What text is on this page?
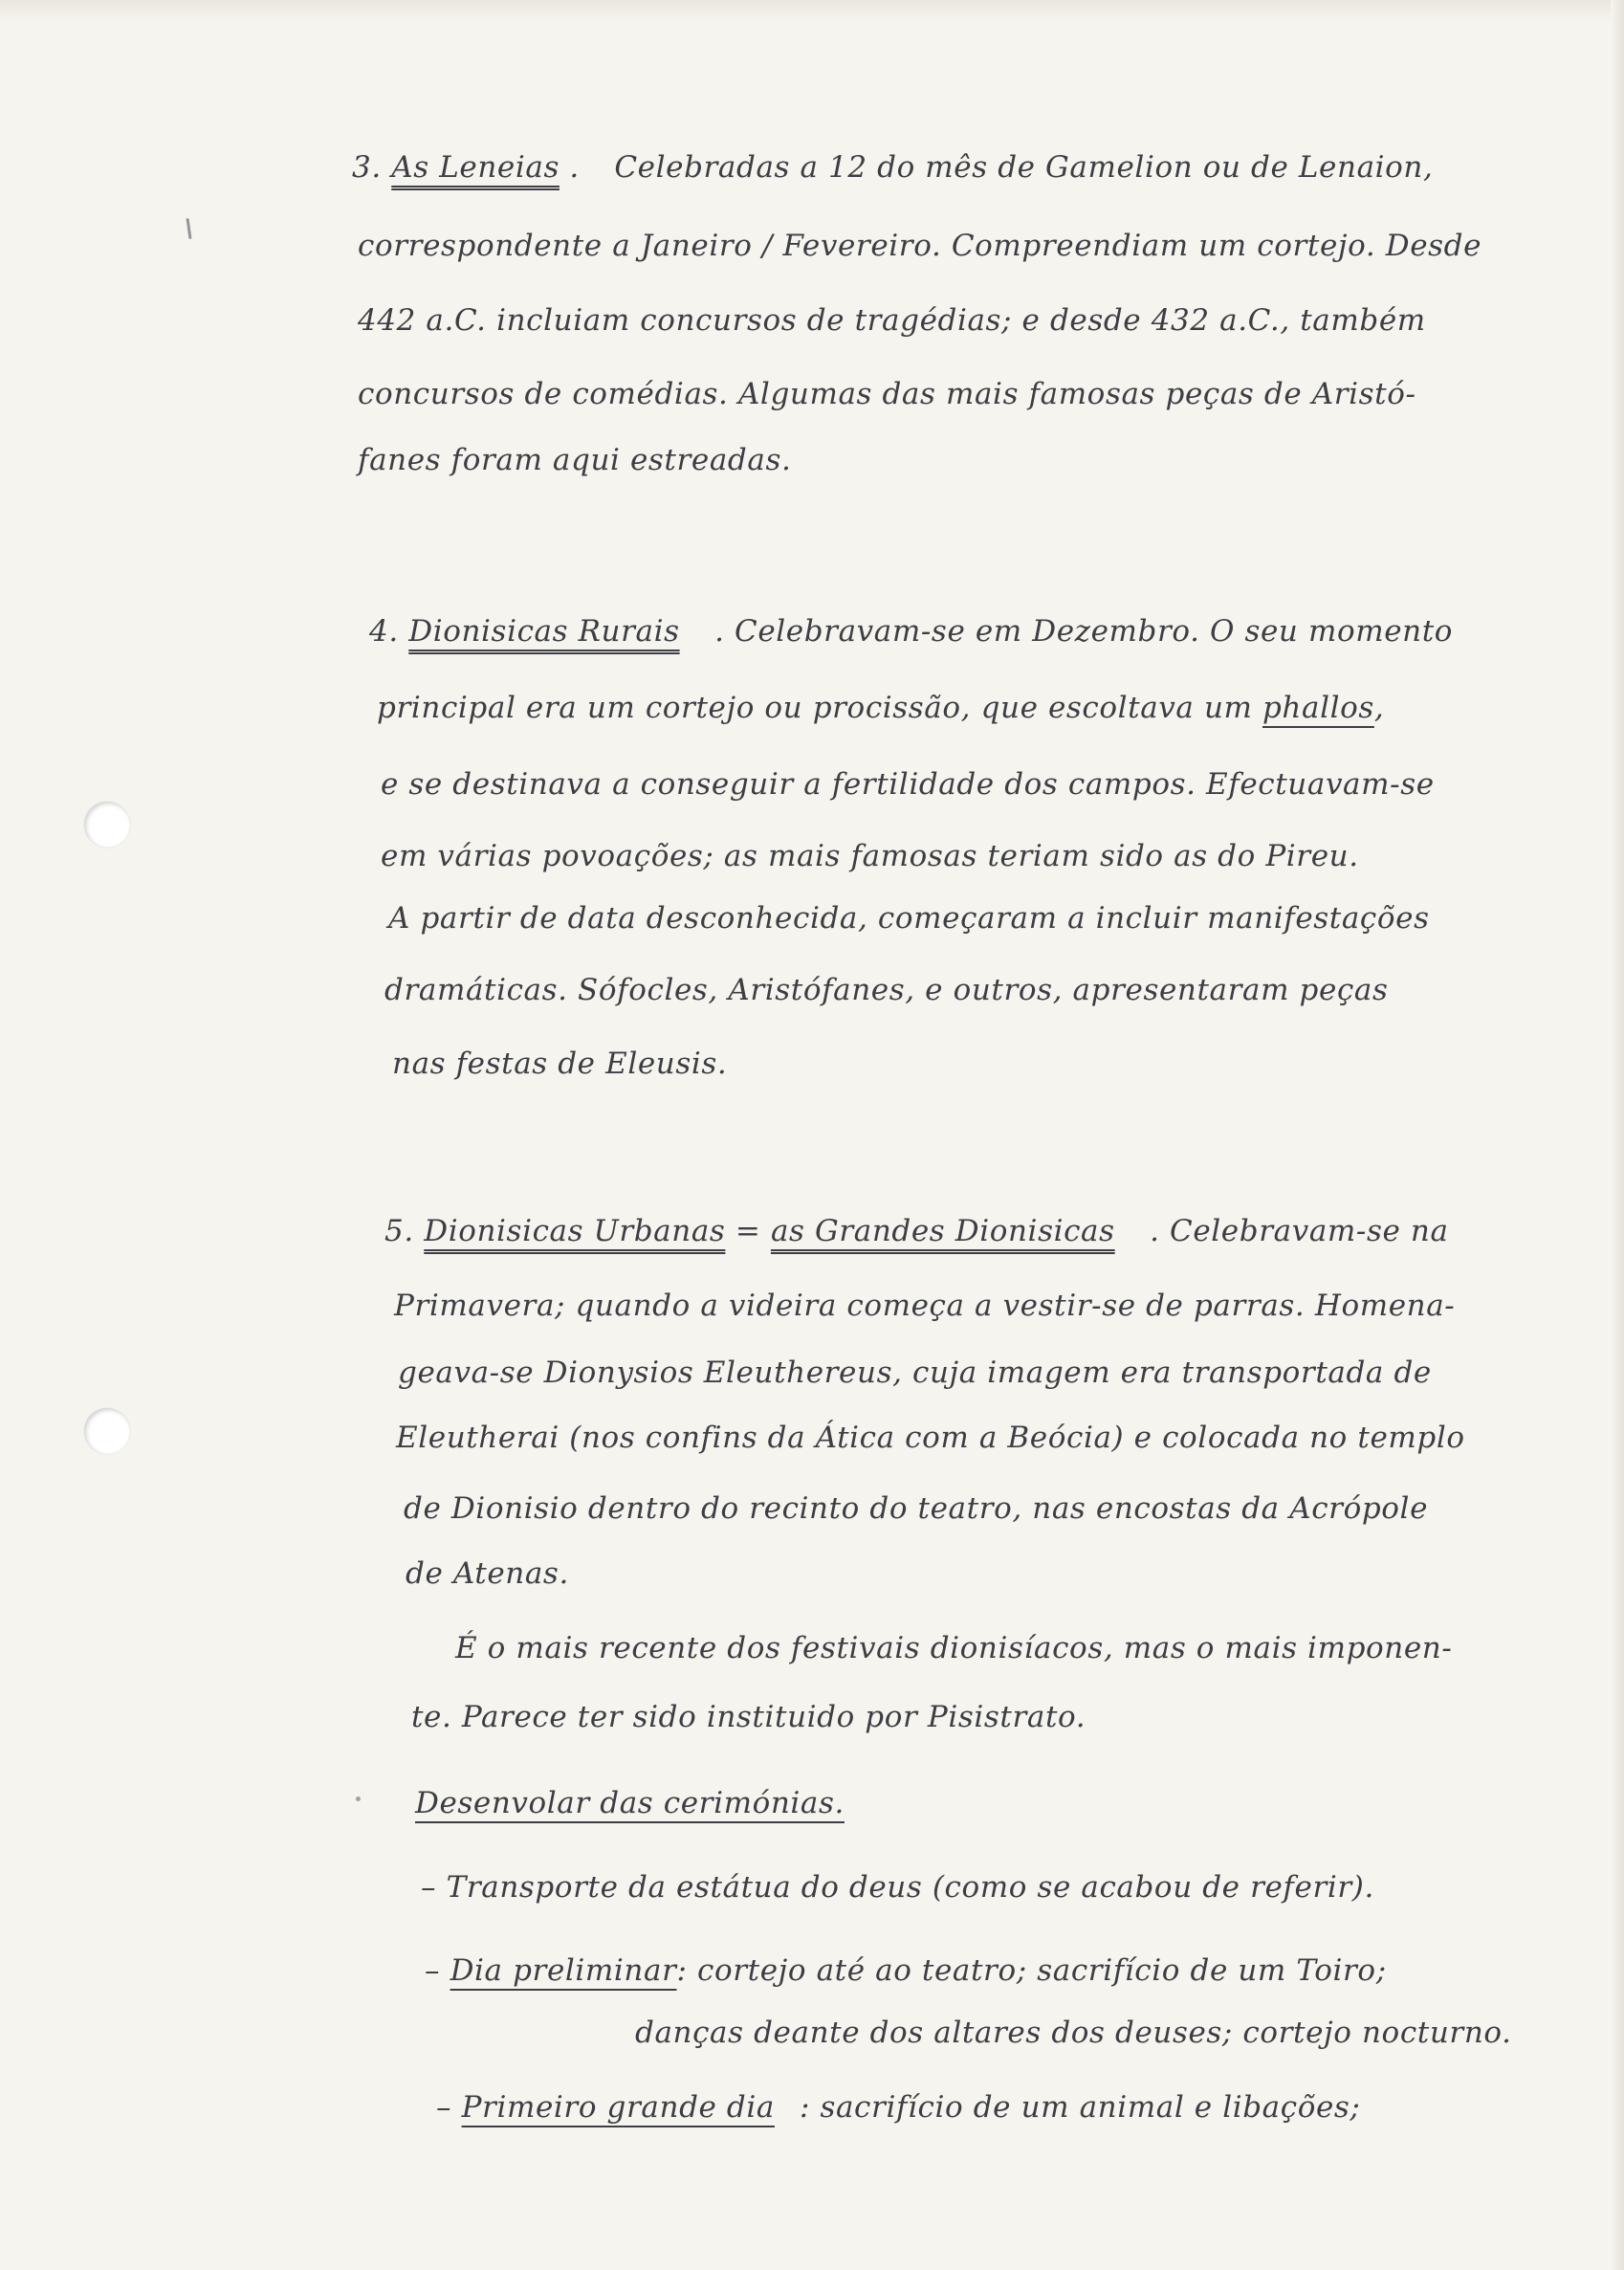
3. As Leneias . Celebradas a 12 do mês de Gamelion ou de Lenaion,
correspondente a Janeiro / Fevereiro. Compreendiam um cortejo. Desde
442 a.C. incluiam concursos de tragédias; e desde 432 a.C., também
concursos de comédias. Algumas das mais famosas peças de Aristó-
fanes foram aqui estreadas.
4. Dionisicas Rurais . Celebravam-se em Dezembro. O seu momento
principal era um cortejo ou procissão, que escoltava um phallos,
e se destinava a conseguir a fertilidade dos campos. Efectuavam-se
em várias povoações; as mais famosas teriam sido as do Pireu.
A partir de data desconhecida, começaram a incluir manifestações
dramáticas. Sófocles, Aristófanes, e outros, apresentaram peças
nas festas de Eleusis.
5. Dionisicas Urbanas = as Grandes Dionisicas . Celebravam-se na
Primavera; quando a videira começa a vestir-se de parras. Homena-
geava-se Dionysios Eleuthereus, cuja imagem era transportada de
Eleutherai (nos confins da Ática com a Beócia) e colocada no templo
de Dionisio dentro do recinto do teatro, nas encostas da Acrópole
de Atenas.
É o mais recente dos festivais dionisíacos, mas o mais imponen-
te. Parece ter sido instituido por Pisistrato.
Desenvolar das cerimónias.
– Transporte da estátua do deus (como se acabou de referir).
– Dia preliminar: cortejo até ao teatro; sacrifício de um Toiro;
danças deante dos altares dos deuses; cortejo nocturno.
– Primeiro grande dia : sacrifício de um animal e libações;
